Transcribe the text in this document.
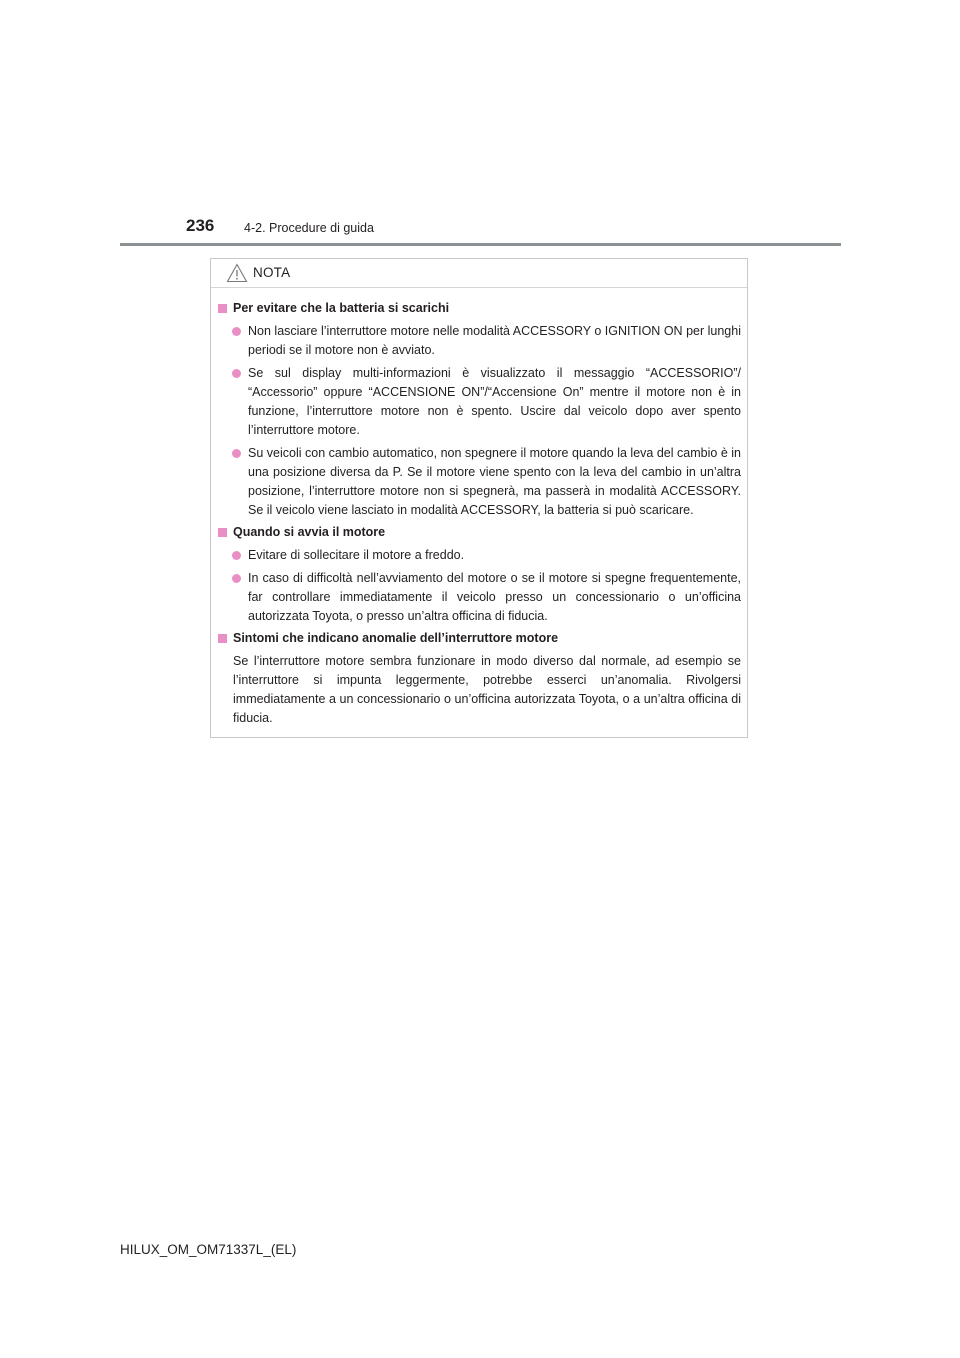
236 4-2. Procedure di guida
NOTA
Per evitare che la batteria si scarichi
Non lasciare l’interruttore motore nelle modalità ACCESSORY o IGNITION ON per lunghi periodi se il motore non è avviato.
Se sul display multi-informazioni è visualizzato il messaggio “ACCESSORIO”/ “Accessorio” oppure “ACCENSIONE ON”/“Accensione On” mentre il motore non è in funzione, l’interruttore motore non è spento. Uscire dal veicolo dopo aver spento l’interruttore motore.
Su veicoli con cambio automatico, non spegnere il motore quando la leva del cambio è in una posizione diversa da P. Se il motore viene spento con la leva del cambio in un’altra posizione, l’interruttore motore non si spegnerà, ma passerà in modalità ACCESSORY. Se il veicolo viene lasciato in modalità ACCESSORY, la batteria si può scaricare.
Quando si avvia il motore
Evitare di sollecitare il motore a freddo.
In caso di difficoltà nell’avviamento del motore o se il motore si spegne frequentemente, far controllare immediatamente il veicolo presso un concessionario o un’officina autorizzata Toyota, o presso un’altra officina di fiducia.
Sintomi che indicano anomalie dell’interruttore motore
Se l’interruttore motore sembra funzionare in modo diverso dal normale, ad esempio se l’interruttore si impunta leggermente, potrebbe esserci un’anomalia. Rivolgersi immediatamente a un concessionario o un’officina autorizzata Toyota, o a un’altra officina di fiducia.
HILUX_OM_OM71337L_(EL)
